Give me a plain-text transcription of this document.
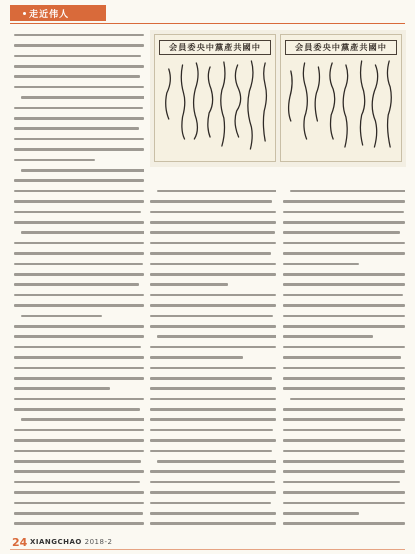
走近伟人
会員委央中黨產共國中	会員委央中黨產共國中
24 XIANGCHAO 2018-2
